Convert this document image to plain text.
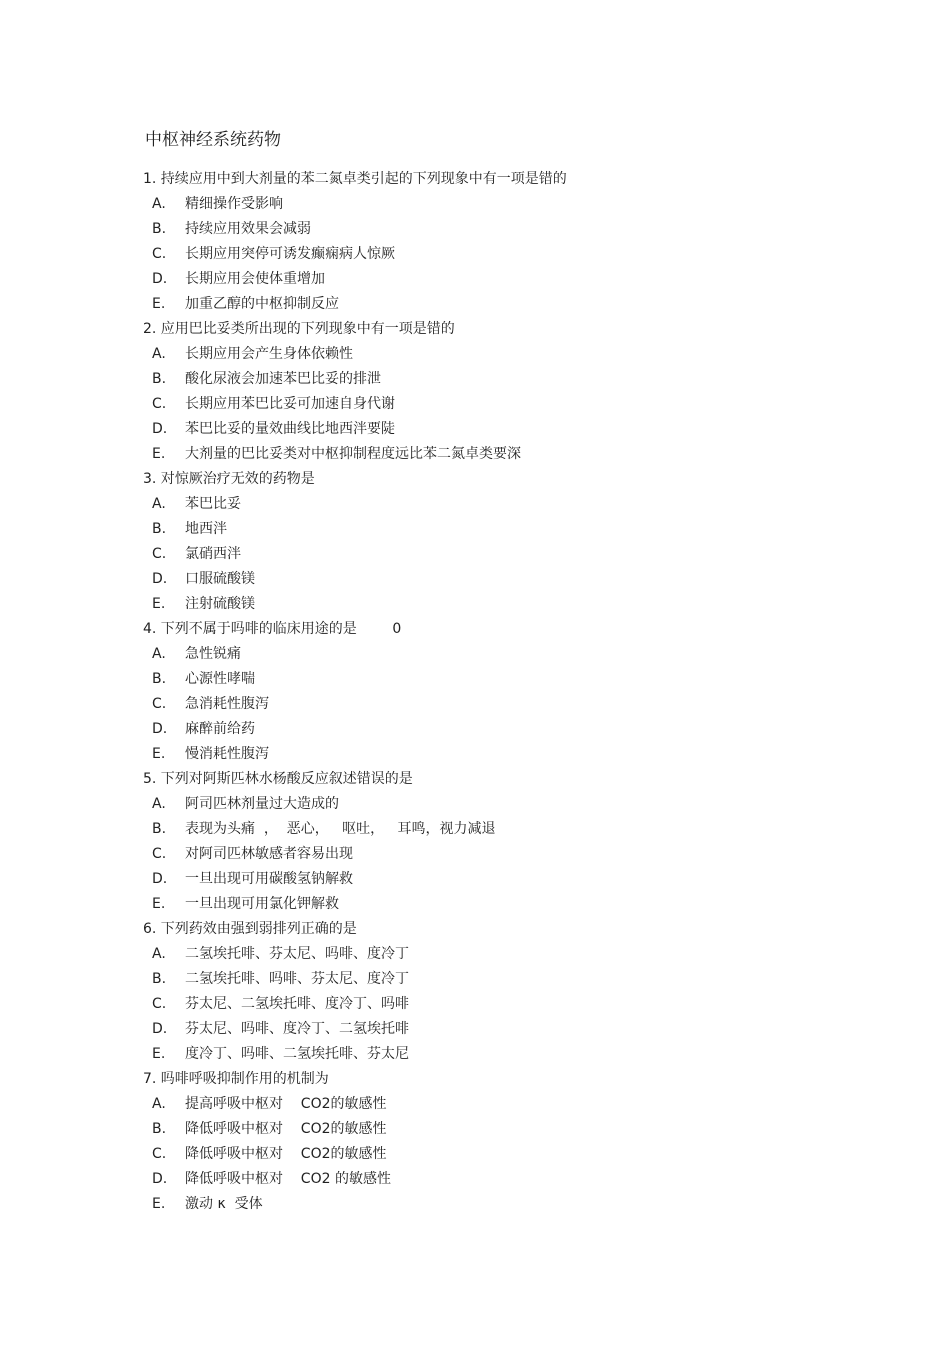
中枢神经系统药物
1. 持续应用中到大剂量的苯二氮卓类引起的下列现象中有一项是错的
A. 精细操作受影响
B. 持续应用效果会减弱
C. 长期应用突停可诱发癫痫病人惊厥
D. 长期应用会使体重增加
E. 加重乙醇的中枢抑制反应
2. 应用巴比妥类所出现的下列现象中有一项是错的
A. 长期应用会产生身体依赖性
B. 酸化尿液会加速苯巴比妥的排泄
C. 长期应用苯巴比妥可加速自身代谢
D. 苯巴比妥的量效曲线比地西泮要陡
E. 大剂量的巴比妥类对中枢抑制程度远比苯二氮卓类要深
3. 对惊厥治疗无效的药物是
A. 苯巴比妥
B. 地西泮
C. 氯硝西泮
D. 口服硫酸镁
E. 注射硫酸镁
4. 下列不属于吗啡的临床用途的是        0
A. 急性锐痛
B. 心源性哮喘
C. 急消耗性腹泻
D. 麻醉前给药
E. 慢消耗性腹泻
5. 下列对阿斯匹林水杨酸反应叙述错误的是
A. 阿司匹林剂量过大造成的
B. 表现为头痛  ，  恶心，   呕吐，   耳鸣，视力减退
C. 对阿司匹林敏感者容易出现
D. 一旦出现可用碳酸氢钠解救
E. 一旦出现可用氯化钾解救
6. 下列药效由强到弱排列正确的是
A. 二氢埃托啡、芬太尼、吗啡、度冷丁
B. 二氢埃托啡、吗啡、芬太尼、度冷丁
C. 芬太尼、二氢埃托啡、度冷丁、吗啡
D. 芬太尼、吗啡、度冷丁、二氢埃托啡
E. 度冷丁、吗啡、二氢埃托啡、芬太尼
7. 吗啡呼吸抑制作用的机制为
A. 提高呼吸中枢对    CO2的敏感性
B. 降低呼吸中枢对    CO2的敏感性
C. 降低呼吸中枢对    CO2的敏感性
D. 降低呼吸中枢对    CO2 的敏感性
E. 激动 κ  受体
